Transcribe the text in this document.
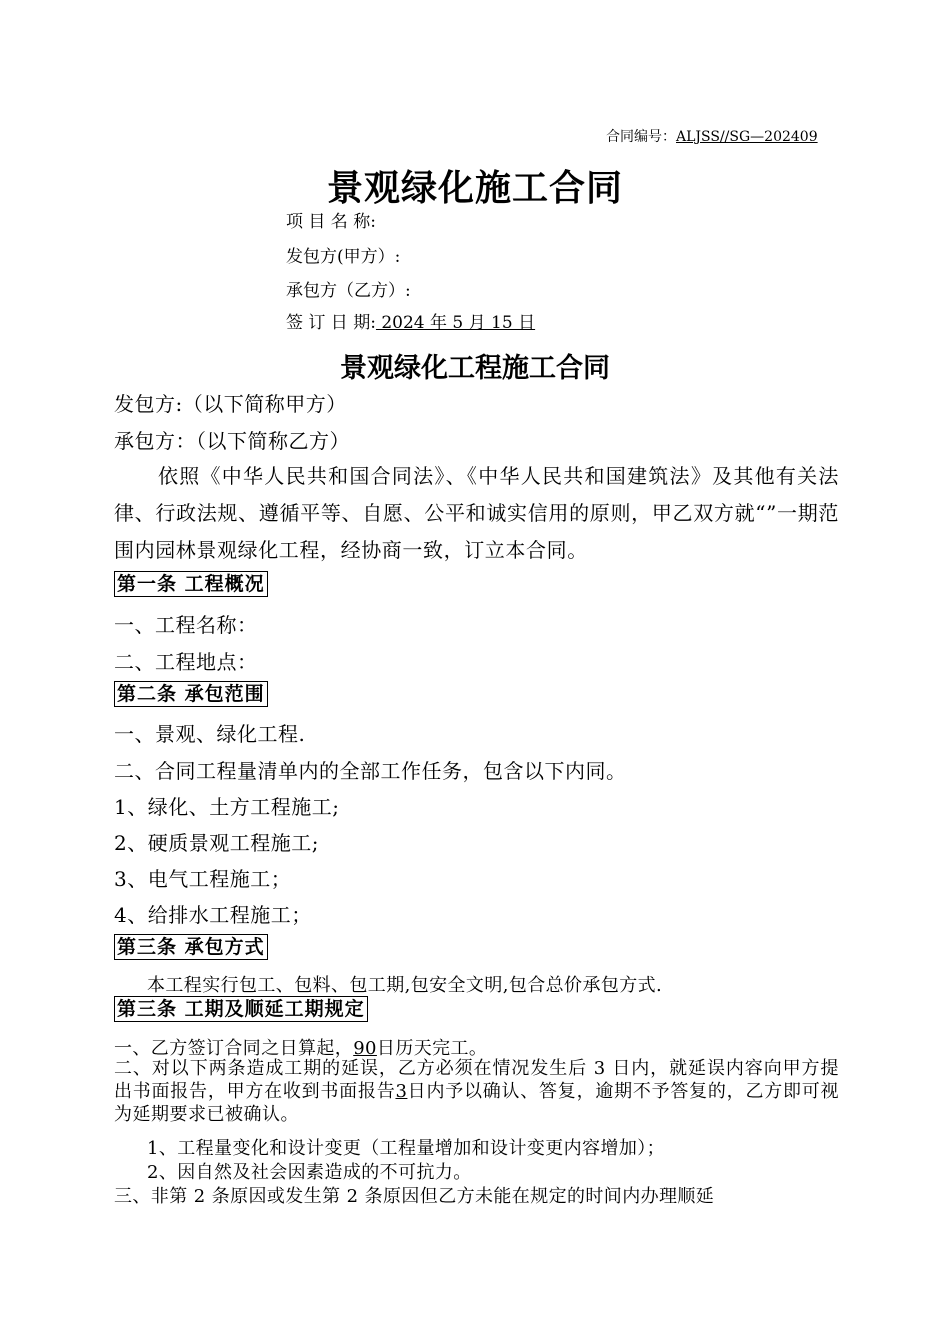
合同编号：ALJSS//SG—202409
景观绿化施工合同
项 目 名 称:
发包方(甲方）:
承包方（乙方）:
签 订 日 期: 2024 年 5 月 15 日
景观绿化工程施工合同
发包方:（以下简称甲方）
承包方：（以下简称乙方）
依照《中华人民共和国合同法》、《中华人民共和国建筑法》及其他有关法律、行政法规、遵循平等、自愿、公平和诚实信用的原则，甲乙双方就“”一期范围内园林景观绿化工程，经协商一致，订立本合同。
第一条 工程概况
一、工程名称：
二、工程地点：
第二条 承包范围
一、景观、绿化工程.
二、合同工程量清单内的全部工作任务，包含以下内同。
1、绿化、土方工程施工;
2、硬质景观工程施工;
3、电气工程施工；
4、给排水工程施工；
第三条 承包方式
本工程实行包工、包料、包工期,包安全文明,包合总价承包方式.
第三条 工期及顺延工期规定
一、乙方签订合同之日算起，90日历天完工。
二、对以下两条造成工期的延误，乙方必须在情况发生后 3 日内，就延误内容向甲方提出书面报告，甲方在收到书面报告3日内予以确认、答复，逾期不予答复的，乙方即可视为延期要求已被确认。
1、工程量变化和设计变更（工程量增加和设计变更内容增加）；
2、因自然及社会因素造成的不可抗力。
三、非第 2 条原因或发生第 2 条原因但乙方未能在规定的时间内办理顺延
